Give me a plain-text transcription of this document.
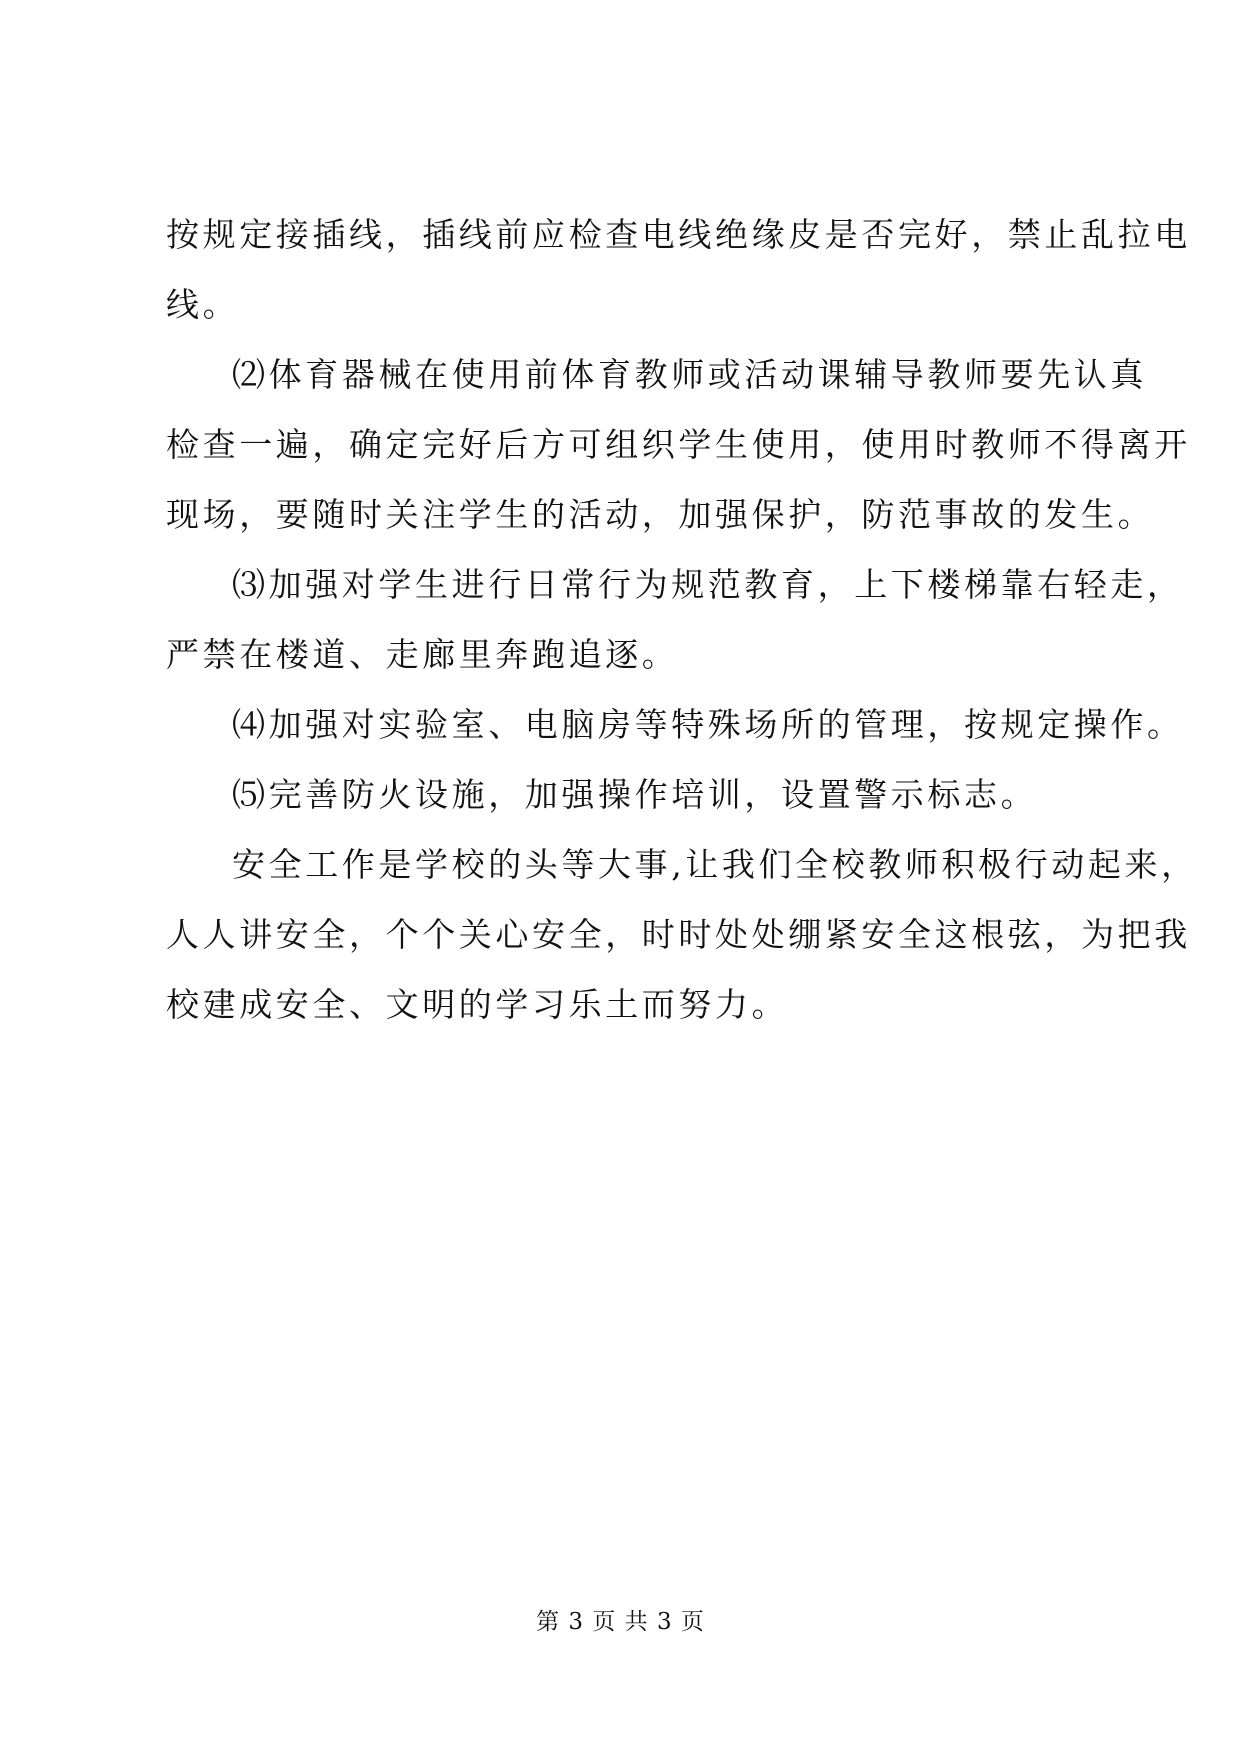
按规定接插线，插线前应检查电线绝缘皮是否完好，禁止乱拉电
线。
⑵体育器械在使用前体育教师或活动课辅导教师要先认真
检查一遍，确定完好后方可组织学生使用，使用时教师不得离开
现场，要随时关注学生的活动，加强保护，防范事故的发生。
⑶加强对学生进行日常行为规范教育，上下楼梯靠右轻走，
严禁在楼道、走廊里奔跑追逐。
⑷加强对实验室、电脑房等特殊场所的管理，按规定操作。
⑸完善防火设施，加强操作培训，设置警示标志。
安全工作是学校的头等大事,让我们全校教师积极行动起来，
人人讲安全，个个关心安全，时时处处绷紧安全这根弦，为把我
校建成安全、文明的学习乐土而努力。
第 3 页 共 3 页
